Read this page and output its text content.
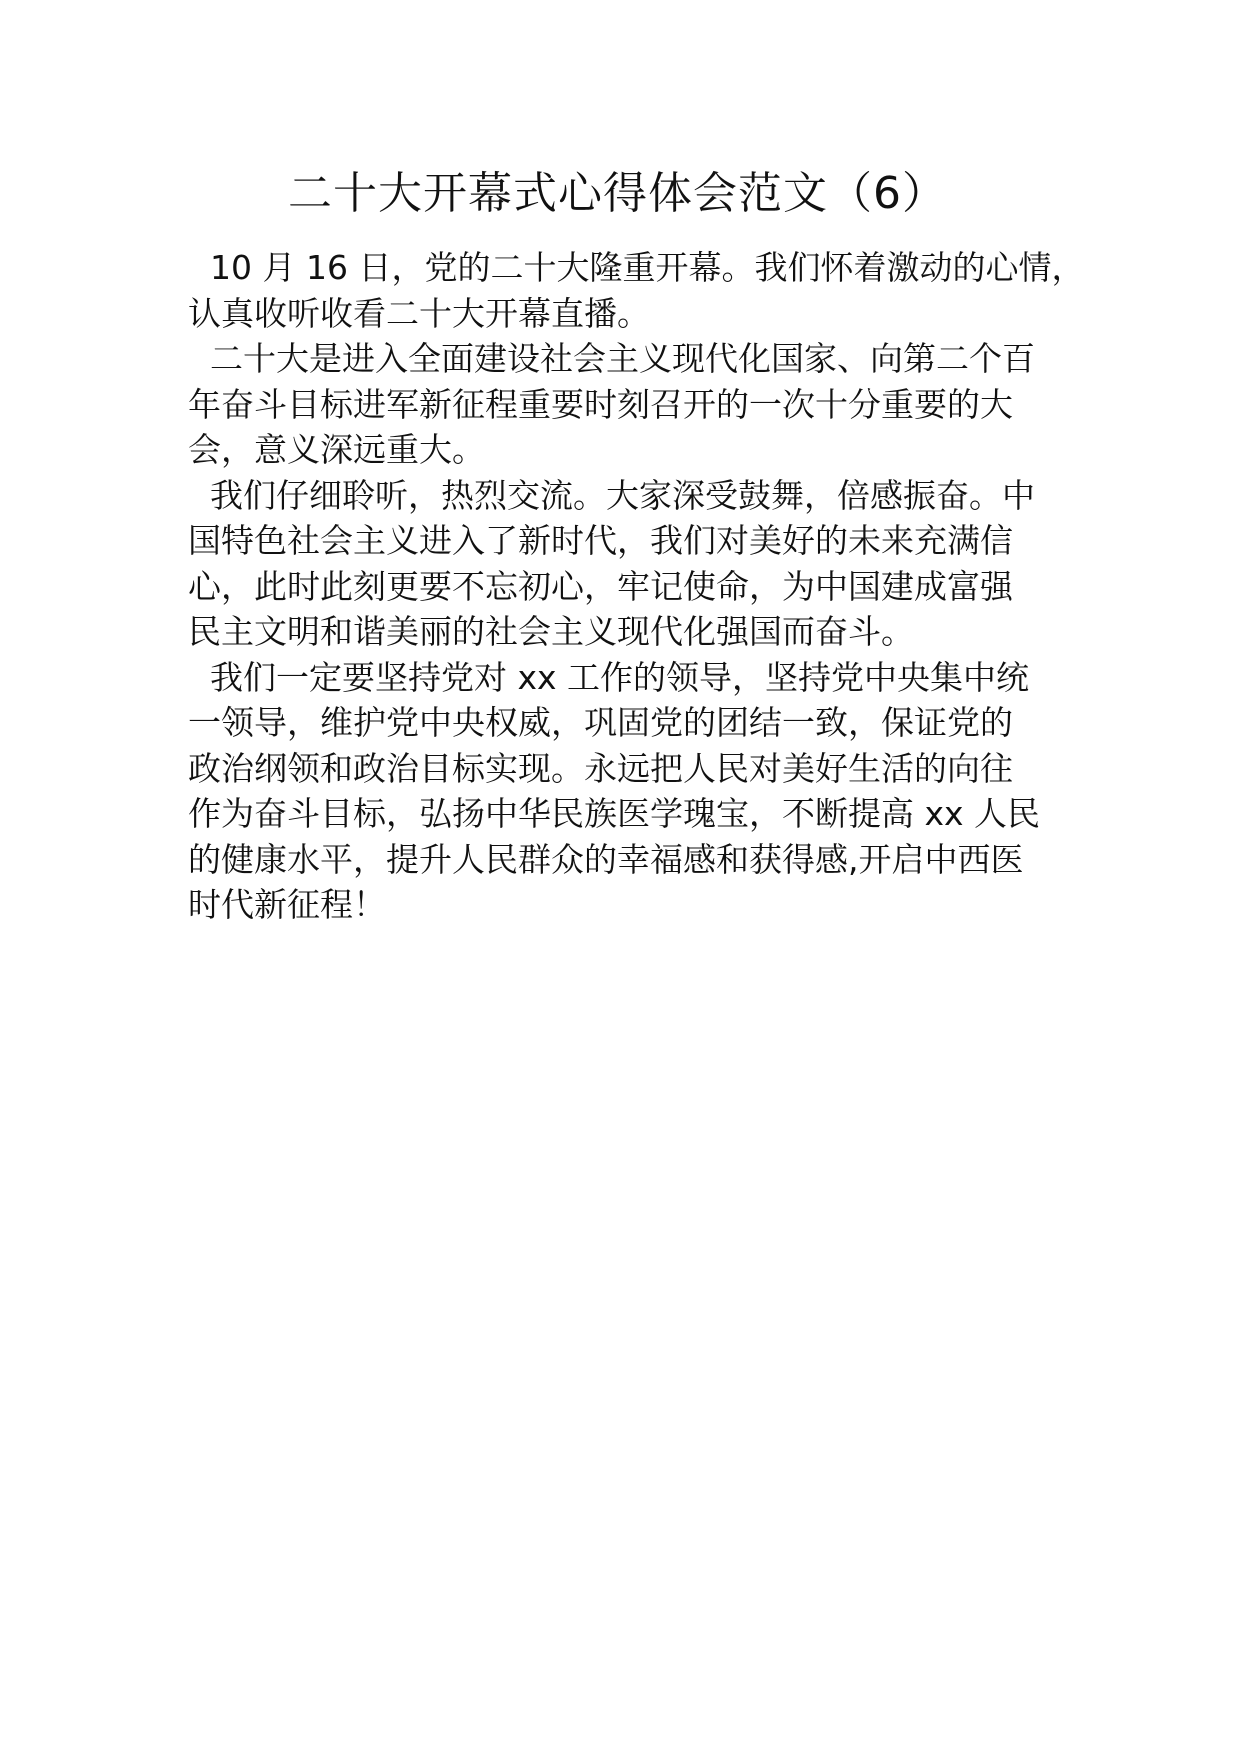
二十大开幕式心得体会范文（6）
10 月 16 日，党的二十大隆重开幕。我们怀着激动的心情，
认真收听收看二十大开幕直播。
二十大是进入全面建设社会主义现代化国家、向第二个百
年奋斗目标进军新征程重要时刻召开的一次十分重要的大
会，意义深远重大。
我们仔细聆听，热烈交流。大家深受鼓舞，倍感振奋。中
国特色社会主义进入了新时代，我们对美好的未来充满信
心，此时此刻更要不忘初心，牢记使命，为中国建成富强
民主文明和谐美丽的社会主义现代化强国而奋斗。
我们一定要坚持党对 xx 工作的领导，坚持党中央集中统
一领导，维护党中央权威，巩固党的团结一致，保证党的
政治纲领和政治目标实现。永远把人民对美好生活的向往
作为奋斗目标，弘扬中华民族医学瑰宝，不断提高 xx 人民
的健康水平，提升人民群众的幸福感和获得感,开启中西医
时代新征程！
